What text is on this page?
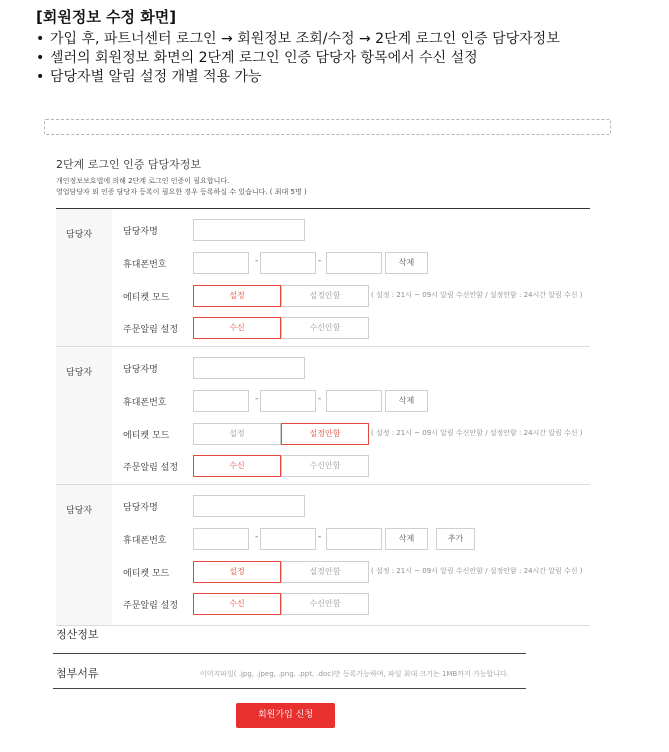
[회원정보 수정 화면]
• 가입 후, 파트너센터 로그인 → 회원정보 조회/수정 → 2단계 로그인 인증 담당자정보
• 셀러의 회원정보 화면의 2단계 로그인 인증 담당자 항목에서 수신 설정
• 담당자별 알림 설정 개별 적용 가능
2단계 로그인 인증 담당자정보
개인정보보호법에 의해 2단계 로그인 인증이 필요합니다.
영업담당자 외 인증 담당자 등록이 필요한 경우 등록하실 수 있습니다. ( 최대 5명 )
담당자	담당자명
휴대폰번호	-	-	삭제
에티켓 모드	설정	설정안함	( 설정 : 21시 ~ 09시 알림 수신안함 / 설정안함 : 24시간 알림 수신 )
주문알림 설정	수신	수신안함
담당자	담당자명
휴대폰번호	-	-	삭제
에티켓 모드	설정	설정안함	( 설정 : 21시 ~ 09시 알림 수신안함 / 설정안함 : 24시간 알림 수신 )
주문알림 설정	수신	수신안함
담당자	담당자명
휴대폰번호	-	-	삭제	추가
에티켓 모드	설정	설정안함	( 설정 : 21시 ~ 09시 알림 수신안함 / 설정안함 : 24시간 알림 수신 )
주문알림 설정	수신	수신안함
정산정보
첨부서류	이미지파일( .jpg, .jpeg, .png, .ppt, .doc)만 등록가능하며, 파일 최대 크기는 1MB까지 가능합니다.
회원가입 신청
